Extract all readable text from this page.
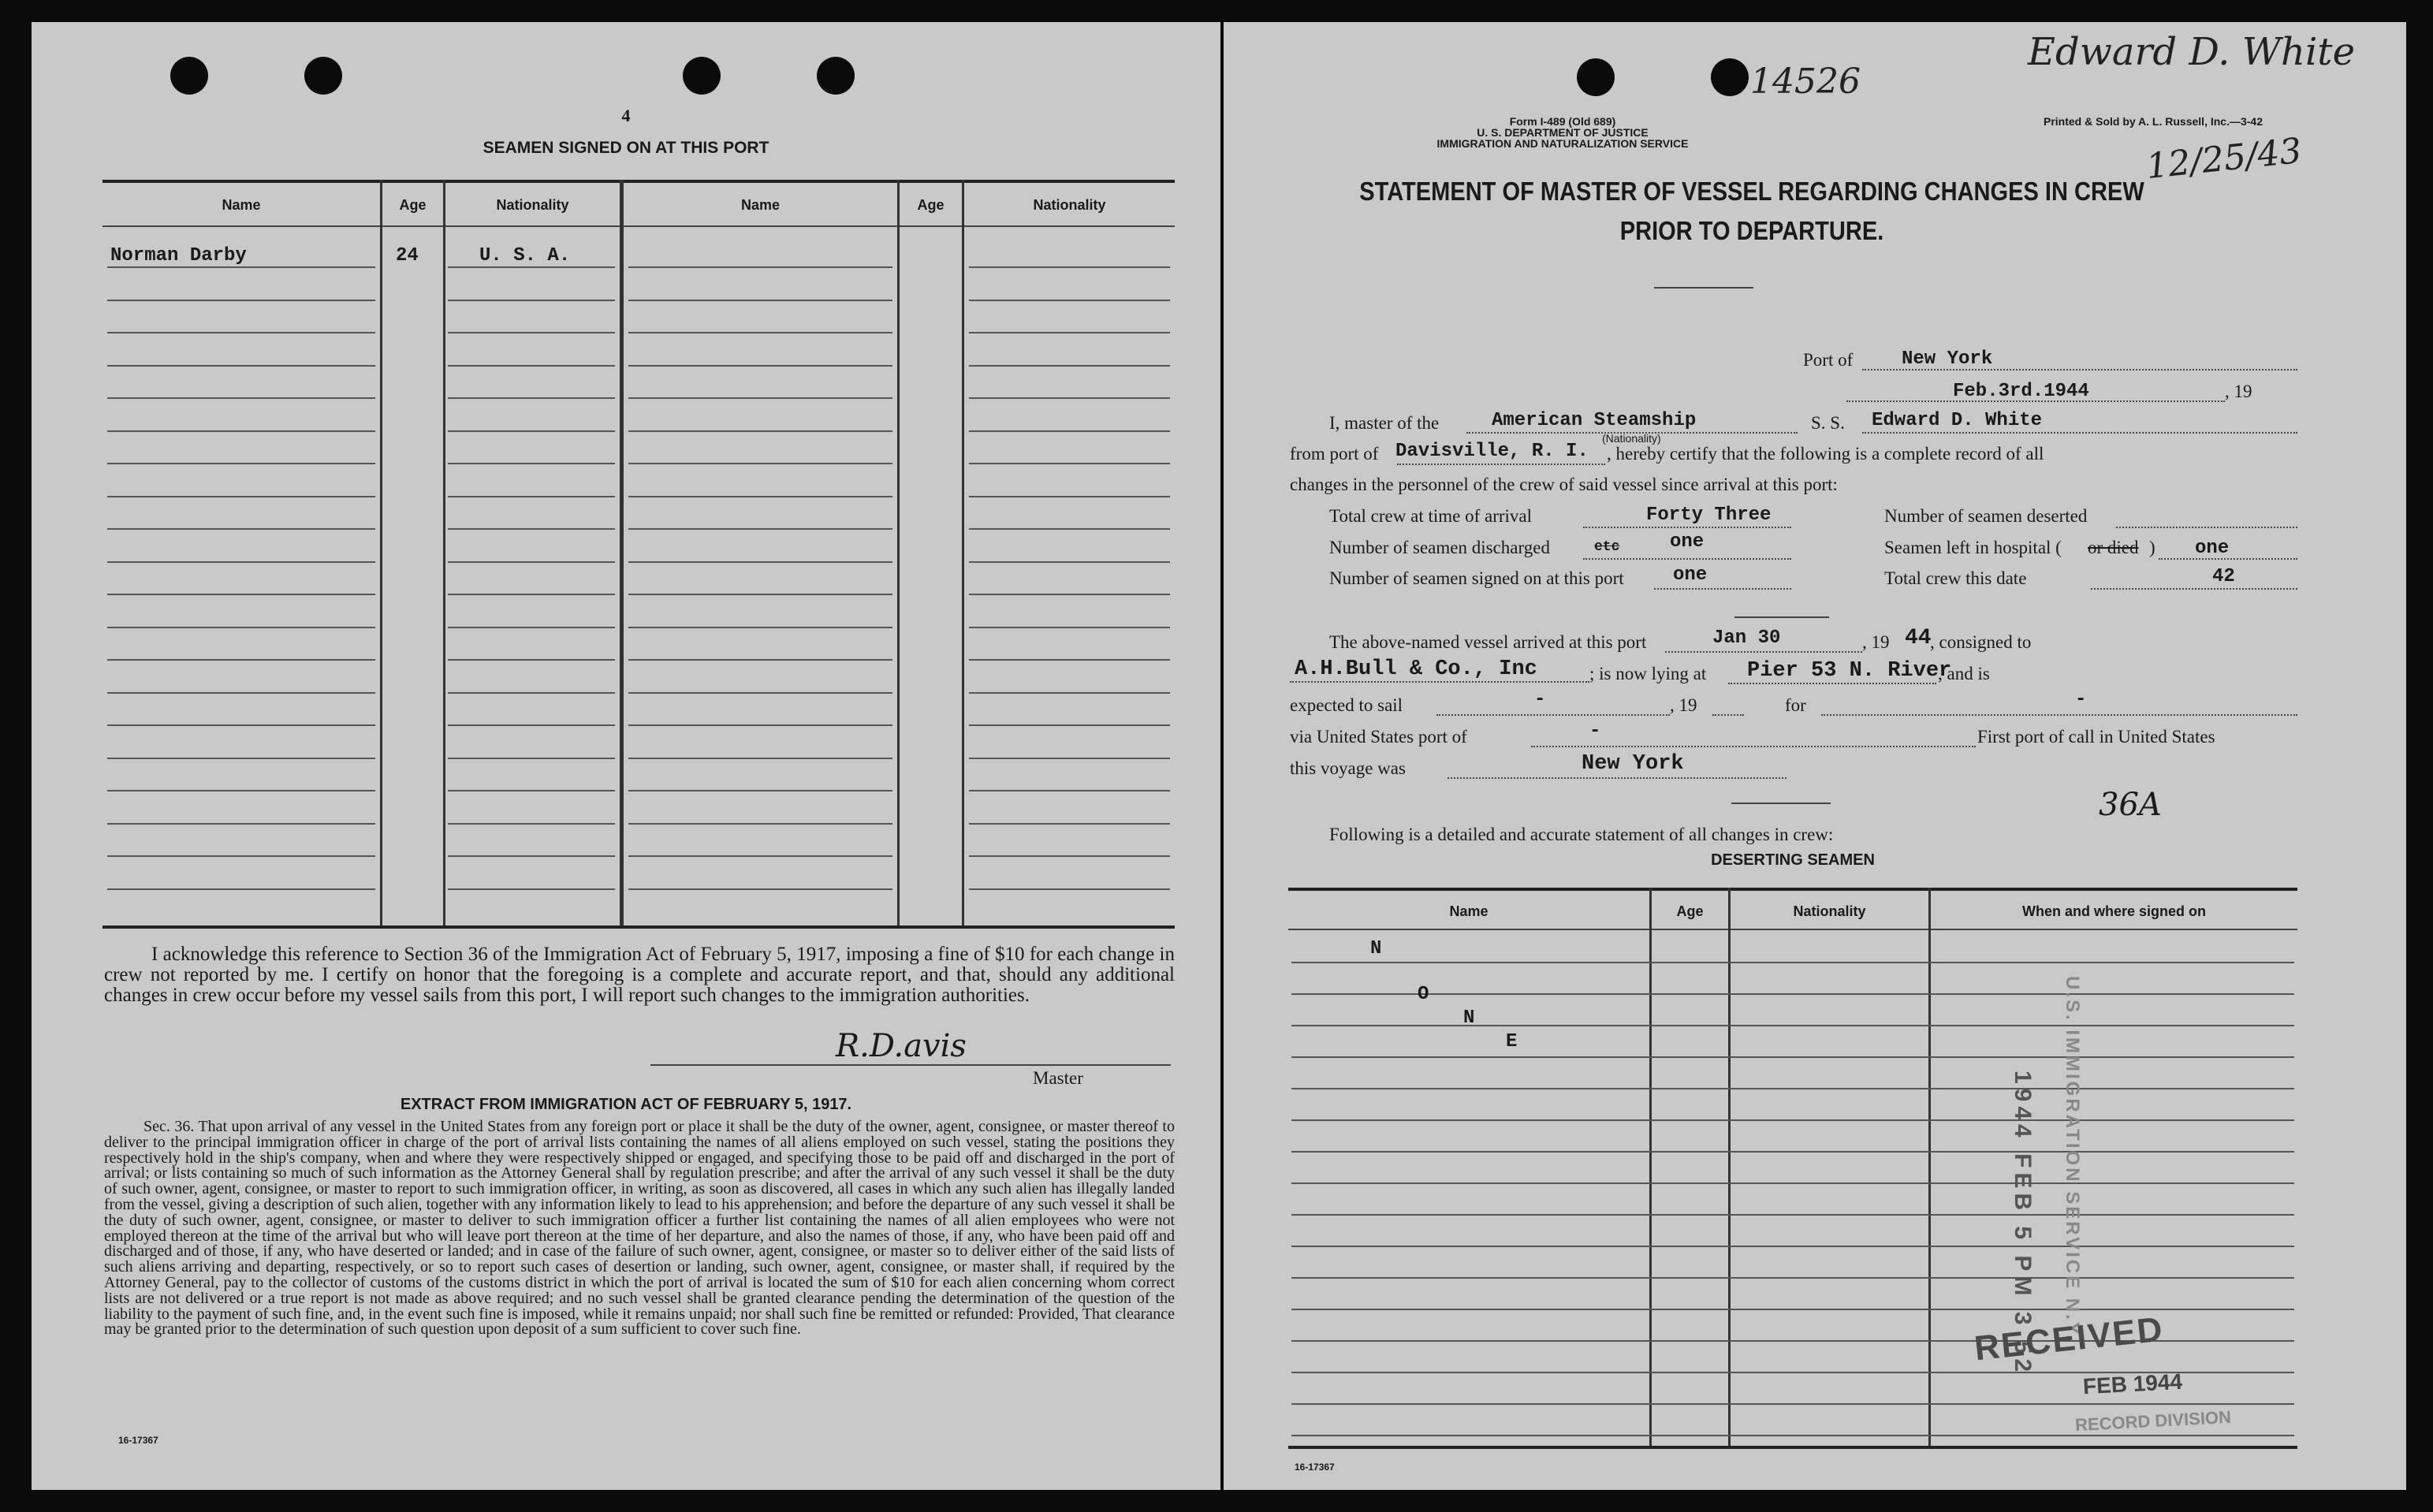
4
SEAMEN SIGNED ON AT THIS PORT
Name	Age	Nationality	Name	Age	Nationality
Norman Darby	24	U. S. A.
I acknowledge this reference to Section 36 of the Immigration Act of February 5, 1917, imposing a fine of $10 for each change in crew not reported by me. I certify on honor that the foregoing is a complete and accurate report, and that, should any additional changes in crew occur before my vessel sails from this port, I will report such changes to the immigration authorities.
R.D.avis
Master
EXTRACT FROM IMMIGRATION ACT OF FEBRUARY 5, 1917.
Sec. 36. That upon arrival of any vessel in the United States from any foreign port or place it shall be the duty of the owner, agent, consignee, or master thereof to deliver to the principal immigration officer in charge of the port of arrival lists containing the names of all aliens employed on such vessel, stating the positions they respectively hold in the ship's company, when and where they were respectively shipped or engaged, and specifying those to be paid off and discharged in the port of arrival; or lists containing so much of such information as the Attorney General shall by regulation prescribe; and after the arrival of any such vessel it shall be the duty of such owner, agent, consignee, or master to report to such immigration officer, in writing, as soon as discovered, all cases in which any such alien has illegally landed from the vessel, giving a description of such alien, together with any information likely to lead to his apprehension; and before the departure of any such vessel it shall be the duty of such owner, agent, consignee, or master to deliver to such immigration officer a further list containing the names of all alien employees who were not employed thereon at the time of the arrival but who will leave port thereon at the time of her departure, and also the names of those, if any, who have been paid off and discharged and of those, if any, who have deserted or landed; and in case of the failure of such owner, agent, consignee, or master so to deliver either of the said lists of such aliens arriving and departing, respectively, or so to report such cases of desertion or landing, such owner, agent, consignee, or master shall, if required by the Attorney General, pay to the collector of customs of the customs district in which the port of arrival is located the sum of $10 for each alien concerning whom correct lists are not delivered or a true report is not made as above required; and no such vessel shall be granted clearance pending the determination of the question of the liability to the payment of such fine, and, in the event such fine is imposed, while it remains unpaid; nor shall such fine be remitted or refunded: Provided, That clearance may be granted prior to the determination of such question upon deposit of a sum sufficient to cover such fine.
16-17367
14526
Edward D. White
12/25/43
Form I-489 (Old 689)
U. S. DEPARTMENT OF JUSTICE
IMMIGRATION AND NATURALIZATION SERVICE
Printed & Sold by A. L. Russell, Inc.—3-42
STATEMENT OF MASTER OF VESSEL REGARDING CHANGES IN CREW
PRIOR TO DEPARTURE.
Port of	New York
Feb.3rd.1944	, 19
I, master of the	American Steamship
(Nationality)
S. S. Edward D. White
from port of Davisville, R. I. , hereby certify that the following is a complete record of all
changes in the personnel of the crew of said vessel since arrival at this port:
Total crew at time of arrival	Forty Three	Number of seamen deserted
Number of seamen discharged	etc	one	Seamen left in hospital ( or died ) one
Number of seamen signed on at this port	one	Total crew this date	42
The above-named vessel arrived at this port	Jan 30	, 19 44
, consigned to
A.H.Bull & Co., Inc	; is now lying at Pier 53 N. River
, and is
expected to sail	-	, 19	for	-
via United States port of	-	First port of call in United States
this voyage was	New York
36A
Following is a detailed and accurate statement of all changes in crew:
DESERTING SEAMEN
Name	Age	Nationality	When and where signed on
N
O
N
E
1944 FEB 5 PM 3 52 U.S. IMMIGRATION SERVICE N.Y.
RECEIVED
FEB 1944
RECORD DIVISION
16-17367
